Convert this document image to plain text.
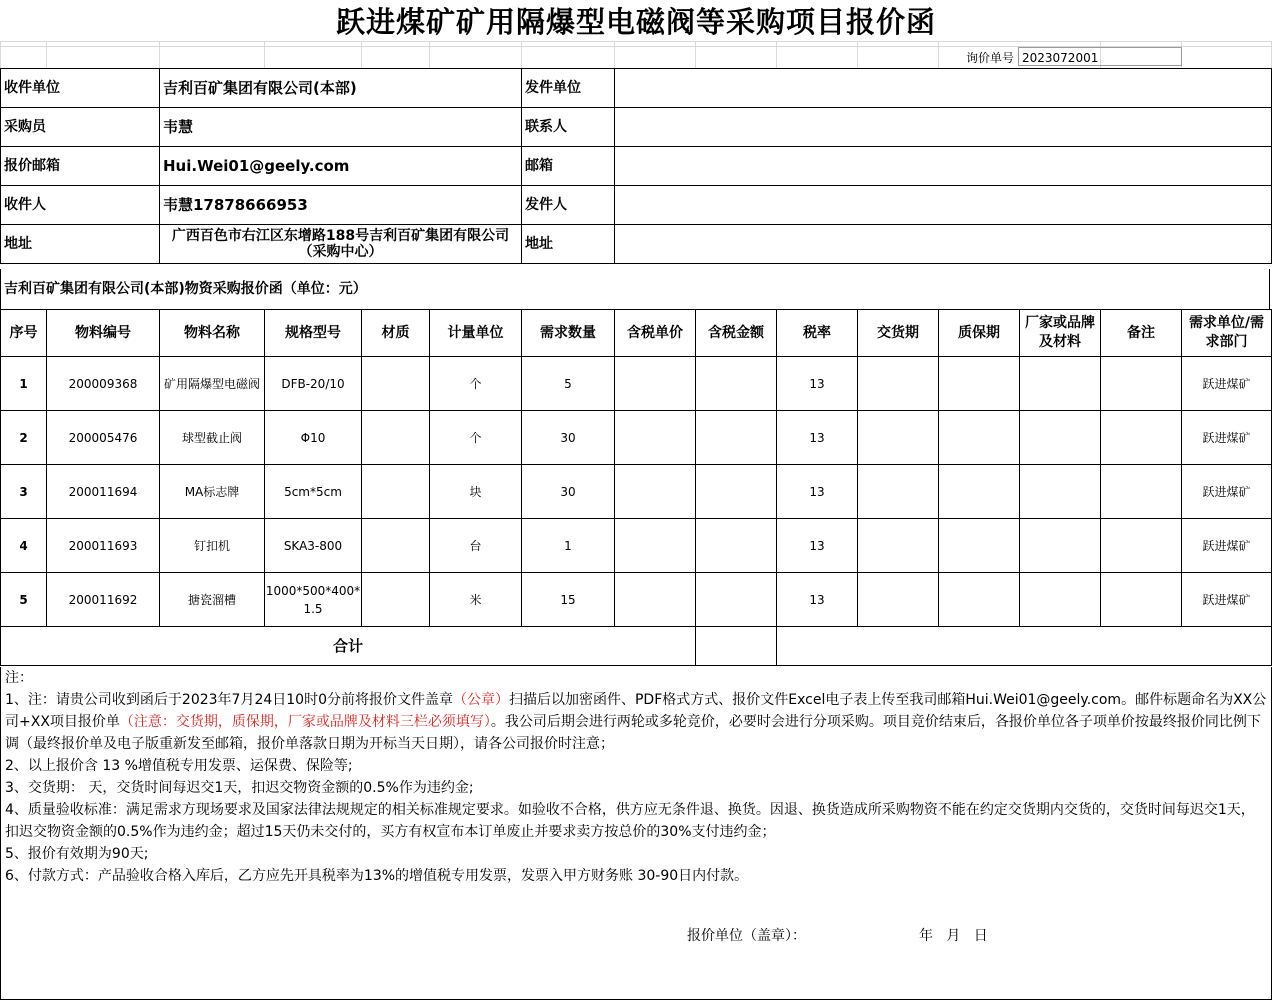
跃进煤矿矿用隔爆型电磁阀等采购项目报价函
询价单号 2023072001
收件单位	吉利百矿集团有限公司(本部)	发件单位	
采购员	韦慧	联系人	
报价邮箱	Hui.Wei01@geely.com	邮箱	
收件人	韦慧17878666953	发件人	
地址	广西百色市右江区东增路188号吉利百矿集团有限公司（采购中心）	地址	
吉利百矿集团有限公司(本部)物资采购报价函（单位：元）
序号	物料编号	物料名称	规格型号	材质	计量单位	需求数量	含税单价	含税金额	税率	交货期	质保期	厂家或品牌及材料	备注	需求单位/需求部门
1	200009368	矿用隔爆型电磁阀	DFB-20/10		个	5			13					跃进煤矿
2	200005476	球型截止阀	Φ10		个	30			13					跃进煤矿
3	200011694	MA标志牌	5cm*5cm		块	30			13					跃进煤矿
4	200011693	钉扣机	SKA3-800		台	1			13					跃进煤矿
5	200011692	搪瓷溜槽	1000*500*400*1.5		米	15			13					跃进煤矿
合计														

注：

1、注：请贵公司收到函后于2023年7月24日10时0分前将报价文件盖章（公章）扫描后以加密函件、PDF格式方式、报价文件Excel电子表上传至我司邮箱Hui.Wei01@geely.com。邮件标题命名为XX公司+XX项目报价单（注意：交货期，质保期，厂家或品牌及材料三栏必须填写）。我公司后期会进行两轮或多轮竞价，必要时会进行分项采购。项目竞价结束后，各报价单位各子项单价按最终报价同比例下调（最终报价单及电子版重新发至邮箱，报价单落款日期为开标当天日期），请各公司报价时注意；

2、以上报价含 13 %增值税专用发票、运保费、保险等;

3、交货期： 天，交货时间每迟交1天，扣迟交物资金额的0.5%作为违约金;

4、质量验收标准：满足需求方现场要求及国家法律法规规定的相关标准规定要求。如验收不合格，供方应无条件退、换货。因退、换货造成所采购物资不能在约定交货期内交货的，交货时间每迟交1天，扣迟交物资金额的0.5%作为违约金；超过15天仍未交付的，买方有权宣布本订单废止并要求卖方按总价的30%支付违约金；

5、报价有效期为90天;

6、付款方式：产品验收合格入库后，乙方应先开具税率为13%的增值税专用发票，发票入甲方财务账 30-90日内付款。

报价单位（盖章）：	年   月   日
